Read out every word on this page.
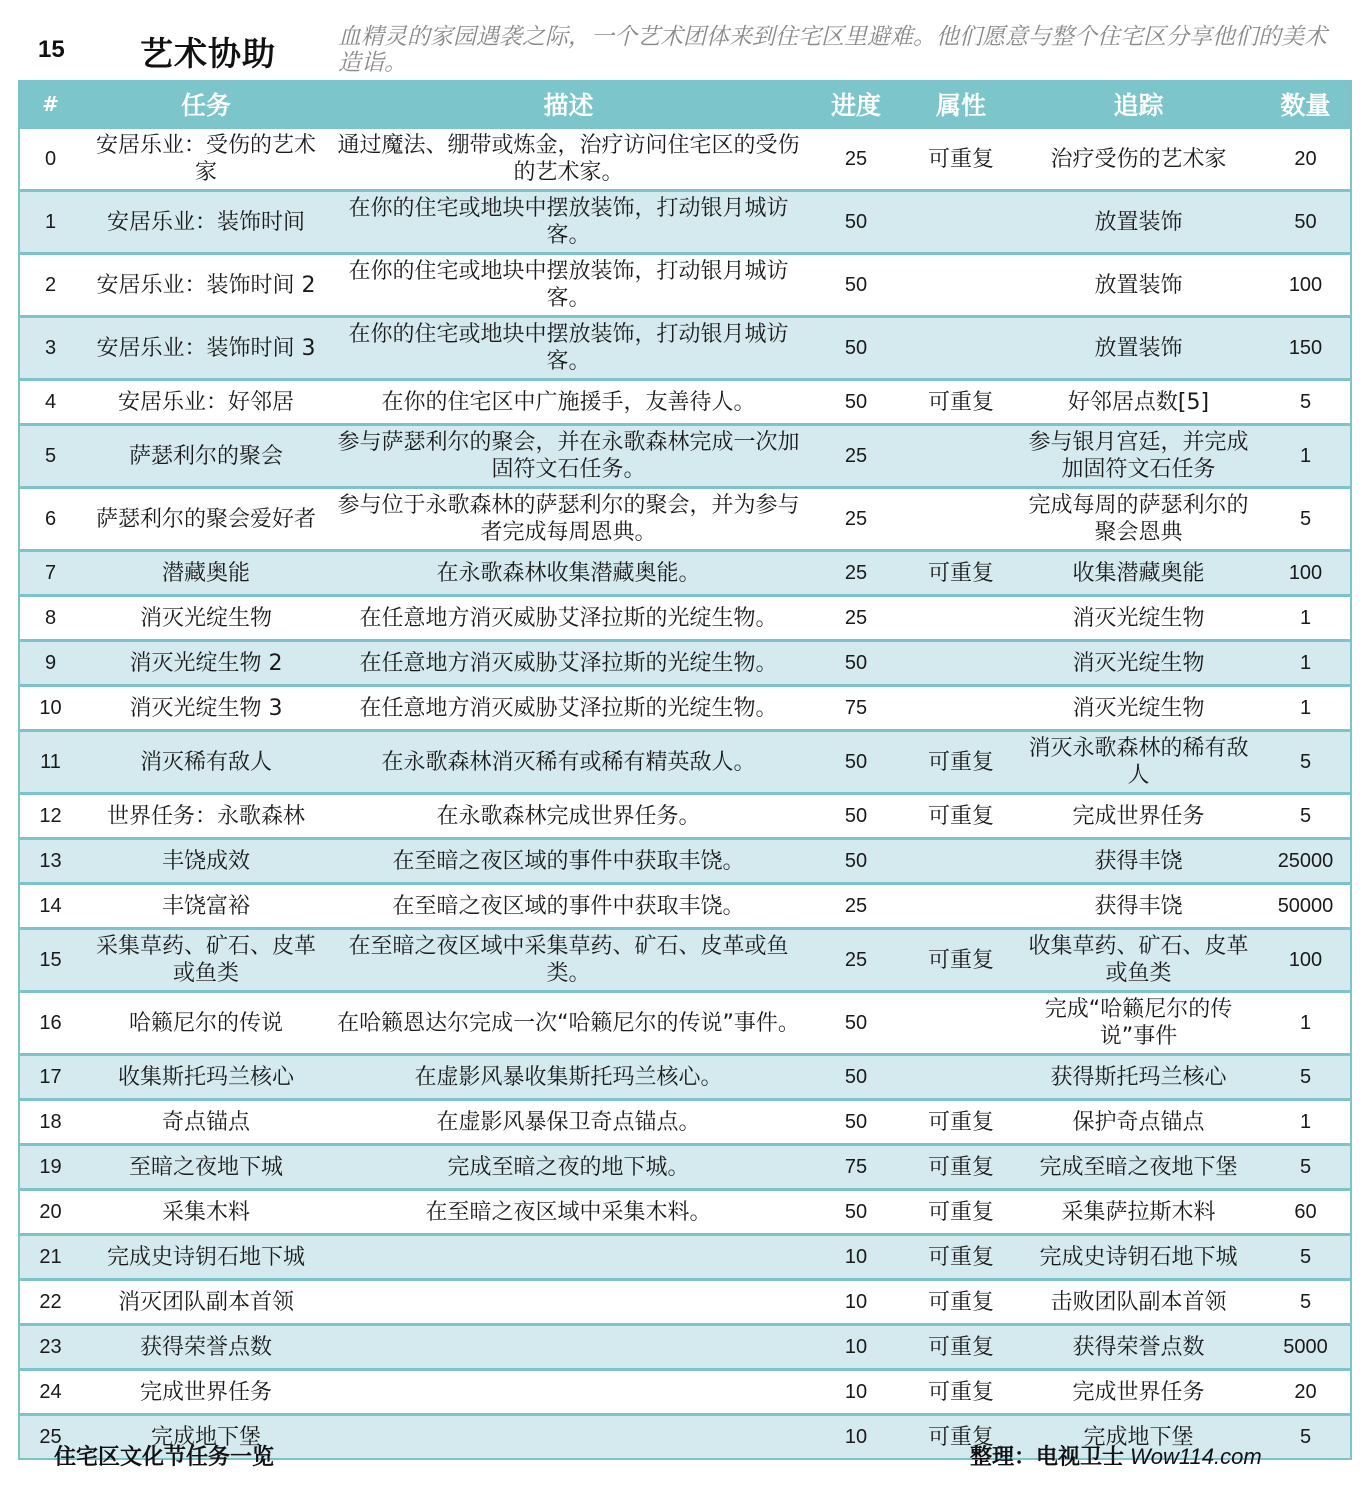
15 艺术协助	血精灵的家园遇袭之际，一个艺术团体来到住宅区里避难。他们愿意与整个住宅区分享他们的美术造诣。
#	任务	描述	进度	属性	追踪	数量
0	安居乐业：受伤的艺术家	通过魔法、绷带或炼金，治疗访问住宅区的受伤的艺术家。	25	可重复	治疗受伤的艺术家	20
1	安居乐业：装饰时间	在你的住宅或地块中摆放装饰，打动银月城访客。	50		放置装饰	50
2	安居乐业：装饰时间 2	在你的住宅或地块中摆放装饰，打动银月城访客。	50		放置装饰	100
3	安居乐业：装饰时间 3	在你的住宅或地块中摆放装饰，打动银月城访客。	50		放置装饰	150
4	安居乐业：好邻居	在你的住宅区中广施援手，友善待人。	50	可重复	好邻居点数[5]	5
5	萨瑟利尔的聚会	参与萨瑟利尔的聚会，并在永歌森林完成一次加固符文石任务。	25		参与银月宫廷，并完成加固符文石任务	1
6	萨瑟利尔的聚会爱好者	参与位于永歌森林的萨瑟利尔的聚会，并为参与者完成每周恩典。	25		完成每周的萨瑟利尔的聚会恩典	5
7	潜藏奥能	在永歌森林收集潜藏奥能。	25	可重复	收集潜藏奥能	100
8	消灭光绽生物	在任意地方消灭威胁艾泽拉斯的光绽生物。	25		消灭光绽生物	1
9	消灭光绽生物 2	在任意地方消灭威胁艾泽拉斯的光绽生物。	50		消灭光绽生物	1
10	消灭光绽生物 3	在任意地方消灭威胁艾泽拉斯的光绽生物。	75		消灭光绽生物	1
11	消灭稀有敌人	在永歌森林消灭稀有或稀有精英敌人。	50	可重复	消灭永歌森林的稀有敌人	5
12	世界任务：永歌森林	在永歌森林完成世界任务。	50	可重复	完成世界任务	5
13	丰饶成效	在至暗之夜区域的事件中获取丰饶。	50		获得丰饶	25000
14	丰饶富裕	在至暗之夜区域的事件中获取丰饶。	25		获得丰饶	50000
15	采集草药、矿石、皮革或鱼类	在至暗之夜区域中采集草药、矿石、皮革或鱼类。	25	可重复	收集草药、矿石、皮革或鱼类	100
16	哈籁尼尔的传说	在哈籁恩达尔完成一次“哈籁尼尔的传说”事件。	50		完成“哈籁尼尔的传说”事件	1
17	收集斯托玛兰核心	在虚影风暴收集斯托玛兰核心。	50		获得斯托玛兰核心	5
18	奇点锚点	在虚影风暴保卫奇点锚点。	50	可重复	保护奇点锚点	1
19	至暗之夜地下城	完成至暗之夜的地下城。	75	可重复	完成至暗之夜地下堡	5
20	采集木料	在至暗之夜区域中采集木料。	50	可重复	采集萨拉斯木料	60
21	完成史诗钥石地下城		10	可重复	完成史诗钥石地下城	5
22	消灭团队副本首领		10	可重复	击败团队副本首领	5
23	获得荣誉点数		10	可重复	获得荣誉点数	5000
24	完成世界任务		10	可重复	完成世界任务	20
25	完成地下堡		10	可重复	完成地下堡	5
住宅区文化节任务一览	整理：电视卫士 Wow114.com
